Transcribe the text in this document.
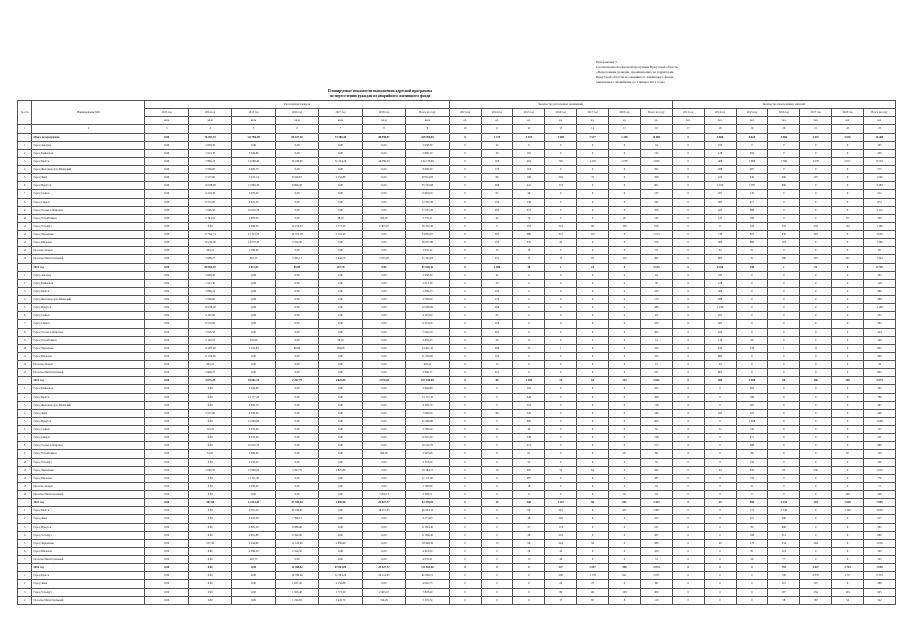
Приложение 3
к региональной адресной программе Иркутской области
«Переселение граждан, проживающих на территории
Иркутской области, из аварийного жилищного фонда,
признанного аварийным до 1 января 2012 года»
Планируемые показатели выполнения адресной программы
по переселению граждан из аварийного жилищного фонда
№ п/п	Наименование МО	Расселенная площадь							Количество расселенных помещений							Количество переселенных жителей						
		2013 год	2014 год	2015 год	2016 год	2017 год	2018 год	Всего по году	2013 год	2014 год	2015 год	2016 год	2017 год	2018 год	Всего по году	2013 год	2014 год	2015 год	2016 год	2017 год	2018 год	Всего по году
		кв.м	кв.м	кв.м	кв.м	кв.м	кв.м	кв.м	ед.	ед.	ед.	ед.	ед.	ед.	ед.	чел.	чел.	чел.	чел.	чел.	чел.	чел.
1	2	3	4	5	6	7	8	9	10	11	12	13	14	15	16	17	18	19	20	21	22	23
	Итого по программе:	0,00	78 497,91	112 994,99	85 317,39	73 588,49	88 598,07	439 496,85	0	3 179	4 470	1 998	1 977	1 258	10 882	0	6 866	6 620	4 986	4 937	3 076	26 485
1	Город Ангарск	0,00	2 638,30	0,00	0,00	0,00	0,00	2 638,30	0	44	0	0	0	0	44	0	195	0	0	0	0	195
2	Город Байкальск	0,00	1 913,30	3 946,80	0,00	0,00	0,00	5 860,10	0	30	102	0	0	0	132	0	128	302	0	0	0	430
3	Город Братск	0,00	7 896,23	13 068,40	35 199,63	31 224,20	44 786,23	132 174,69	0	103	404	795	1 276	1 078	3 656	0	466	1 086	1 786	3 078	2 017	8 533
4	Город Железногорск-Илимский	0,00	3 596,60	4 409,70	0,00	0,00	0,00	8 006,30	0	179	118	0	0	0	297	0	288	287	0	0	0	575
5	Город Зима	0,00	2 577,00	7 453,14	8 529,81	2 254,88	0,00	20 814,83	0	66	168	204	70	0	508	0	223	446	396	197	0	1 262
6	Город Иркутск	0,00	10 938,00	17 809,30	6 806,38	0,00	0,00	35 553,68	0	286	441	174	0	0	901	0	1 199	1 787	496	0	0	3 482
7	Город Саянск	0,00	4 216,30	2 476,20	0,00	0,00	0,00	6 692,50	0	93	40	0	0	0	133	0	267	145	0	0	0	412
8	Город Свирск	0,00	6 572,00	6 025,20	0,00	0,00	0,00	12 597,20	0	104	138	0	0	0	242	0	403	471	0	0	0	874
9	Город Усолье-Сибирское	0,00	7 046,50	10 010,70	0,00	0,00	0,00	17 057,20	0	203	273	0	0	0	476	0	424	688	0	0	0	1 112
10	Город Усть-Илимск	0,00	2 194,16	2 987,00	0,00	38,10	560,05	5 779,31	0	44	74	0	2	20	140	0	122	106	0	4	67	299
11	Город Усть-Кут	0,00	0,00	4 980,00	11 156,50	1 773,30	2 463,10	20 372,90	0	0	103	224	161	128	616	0	0	324	534	234	104	1 196
12	Город Черемхово	0,00	17 392,74	15 313,25	16 374,78	5 752,90	0,00	54 833,67	0	305	286	312	110	0	1 013	0	718	823	836	243	0	2 620
13	Город Шелехов	0,00	10 234,00	14 079,30	2 524,50	0,00	0,00	26 837,80	0	193	335	42	0	0	570	0	466	806	118	0	0	1 390
14	Поселок Залари	0,00	495,22	1 180,90	0,00	0,00	0,00	1 676,12	0	15	18	0	0	0	33	0	34	51	0	0	0	85
15	Поселок Магистральный	0,00	3 968,27	563,75	5 563,17	5 444,79	5 783,05	21 323,03	0	221	12	15	95	119	462	0	805	31	180	207	221	1 444
	2013 год	0,00	88 963,18	1 811,83	89,89	207,78	0,00	91 028,42	0	3 980	48	1	10	0	4 139	0	6 456	198	1	15	0	6 730
1	Город Ангарск	0,00	2 638,30	0,00	0,00	0,00	0,00	2 638,30	0	44	0	0	0	0	44	0	195	0	0	0	0	195
2	Город Байкальск	0,00	1 913,30	0,00	0,00	0,00	0,00	1 913,30	0	30	0	0	0	0	30	0	128	0	0	0	0	128
3	Город Братск	0,00	5 896,23	0,00	0,00	0,00	0,00	5 896,23	0	103	0	0	0	0	103	0	466	0	0	0	0	466
4	Город Железногорск-Илимский	0,00	3 596,60	0,00	0,00	0,00	0,00	3 596,60	0	179	0	0	0	0	179	0	288	0	0	0	0	288
5	Город Иркутск	0,00	10 938,00	0,00	0,00	0,00	0,00	10 938,00	0	286	0	0	0	0	286	0	1 199	0	0	0	0	1 199
6	Город Саянск	0,00	4 107,00	0,00	0,00	0,00	0,00	4 107,00	0	93	0	0	0	0	93	0	255	0	0	0	0	255
7	Город Свирск	0,00	6 572,00	0,00	0,00	0,00	0,00	6 572,00	0	104	0	0	0	0	104	0	403	0	0	0	0	403
8	Город Усолье-Сибирское	0,00	7 046,50	0,00	0,00	0,00	0,00	7 046,50	0	203	0	0	0	0	203	0	424	0	0	0	0	424
9	Город Усть-Илимск	0,00	2 142,55	555,00	0,00	38,10	0,00	2 818,25	0	36	13	0	2	0	51	0	116	20	0	4	0	140
10	Город Черемхово	0,00	12 905,02	1 256,83	89,89	169,68	0,00	14 421,42	0	286	35	1	8	0	330	0	612	178	1	11	0	802
11	Город Шелехов	0,00	11 256,00	0,00	0,00	0,00	0,00	11 256,00	0	193	0	0	0	0	193	0	860	0	0	0	0	860
12	Поселок Залари	0,00	495,22	0,00	0,00	0,00	0,00	495,22	0	15	0	0	0	0	15	0	34	0	0	0	0	34
13	Поселок Магистральный	0,00	3 906,37	0,00	0,00	0,00	0,00	3 906,37	0	221	0	0	0	0	221	0	805	0	0	0	0	805
	2014 год	0,00	4 675,20	94 861,75	2 297,79	1 825,89	3 979,46	107 640,09	0	80	2 500	75	64	123	2 842	0	265	4 968	86	256	398	5 973
1	Город Байкальск	0,00	0,00	3 946,80	0,00	0,00	0,00	3 946,80	0	0	102	0	0	0	102	0	0	302	0	0	0	302
2	Город Братск	0,00	0,00	13 177,20	0,00	0,00	0,00	13 177,20	0	0	428	0	0	0	428	0	0	786	0	0	0	786
3	Город Железногорск-Илимский	0,00	0,00	4 369,70	0,00	0,00	0,00	4 369,70	0	0	118	0	0	0	118	0	0	287	0	0	0	287
4	Город Зима	0,00	2 577,00	4 509,56	0,00	0,00	0,00	7 086,56	0	66	120	0	0	0	186	0	223	225	0	0	0	448
5	Город Иркутск	0,00	0,00	21 609,80	0,00	0,00	0,00	21 609,80	0	0	600	0	0	0	600	0	0	1 698	0	0	0	1 698
6	Город Саянск	0,00	113,70	2 476,20	0,00	0,00	0,00	2 589,90	0	12	40	0	0	0	52	0	12	145	0	0	0	157
7	Город Свирск	0,00	0,00	6 025,20	0,00	0,00	0,00	6 025,20	0	0	138	0	0	0	138	0	0	471	0	0	0	471
8	Город Усолье-Сибирское	0,00	0,00	10 010,70	0,00	0,00	0,00	10 010,70	0	0	273	0	0	0	273	0	0	688	0	0	0	688
9	Город Усть-Илимск	0,00	51,61	2 386,00	0,00	0,00	560,05	2 997,66	0	8	61	0	0	20	89	0	6	86	0	0	67	159
10	Город Усть-Кут	0,00	0,00	2 318,20	0,00	0,00	0,00	2 318,20	0	0	55	0	0	0	55	0	0	156	0	0	0	156
11	Город Черемхово	0,00	1 060,55	13 999,92	2 297,79	1 825,89	0,00	19 184,15	0	19	285	74	64	0	442	0	24	645	85	256	0	1 010
12	Город Шелехов	0,00	0,00	11 111,90	0,00	0,00	0,00	11 111,90	0	0	287	0	0	0	287	0	0	776	0	0	0	776
13	Поселок Залари	0,00	0,00	1 180,90	0,00	0,00	0,00	1 180,90	0	0	18	0	0	0	18	0	0	51	0	0	0	51
14	Поселок Магистральный	0,00	0,00	0,00	0,00	0,00	3 209,71	3 209,71	0	0	0	0	0	111	111	0	0	0	0	0	248	248
	2015 год	0,00	567,08	12 824,45	47 399,84	2 858,90	29 827,77	93 478,04	0	20	268	1 347	86	692	2 433	0	49	960	4 144	294	1 648	7 095
1	Город Братск	0,00	0,00	2 701,30	35 199,67	0,00	18 251,35	46 504,32	0	0	69	561	0	457	1 087	0	0	173	1 736	0	1 149	3 058
2	Город Зима	0,00	0,00	2 943,58	7 398,15	0,00	0,00	9 571,63	0	0	48	204	0	0	252	0	0	221	396	0	0	617
3	Город Иркутск	0,00	0,00	2 805,50	8 288,90	0,00	0,00	11 093,40	0	0	57	174	0	0	231	0	0	89	496	0	0	585
4	Город Усть-Кут	0,00	0,00	2 661,80	9 342,60	0,00	0,00	11 996,40	0	0	48	219	0	0	267	0	0	168	512	0	0	680
5	Город Черемхово	0,00	557,50	4 044,96	11 120,96	2 856,90	0,00	18 948,39	0	13	96	224	56	0	389	0	49	179	534	294	0	1 056
6	Город Шелехов	0,00	0,00	2 388,30	2 524,50	0,00	0,00	4 693,20	0	0	58	42	0	0	100	0	0	81	118	0	0	199
7	Поселок Магистральный	0,00	0,00	465,75	0,00	0,00	0,00	4 676,31	0	0	13	40	0	0	53	0	0	26	77	0	0	103
	2016 год	0,00	0,00	0,00	14 388,82	67 003,09	29 827,77	112 851,66	0	0	0	327	1 657	598	2 874	0	0	0	792	4 627	1 719	7 058
1	Город Братск	0,00	0,00	0,00	10 788,99	31 203,20	26 114,65	81 006,15	0	0	0	200	1 578	621	2 037	0	0	0	726	2 870	1 717	5 353
2	Город Зима	0,00	0,00	0,00	1 627,20	2 154,88	0,00	4 062,73	0	0	0	20	70	0	88	0	0	0	101	197	0	288
3	Город Усть-Кут	0,00	0,00	0,00	1 950,40	1 773,30	2 463,10	7 828,40	0	0	0	80	161	128	300	0	0	0	307	234	104	645
4	Поселок Магистральный	0,00	0,00	0,00	1 194,65	3 443,79	740,29	5 376,74	0	0	0	17	85	8	110	0	0	0	58	187	54	322
